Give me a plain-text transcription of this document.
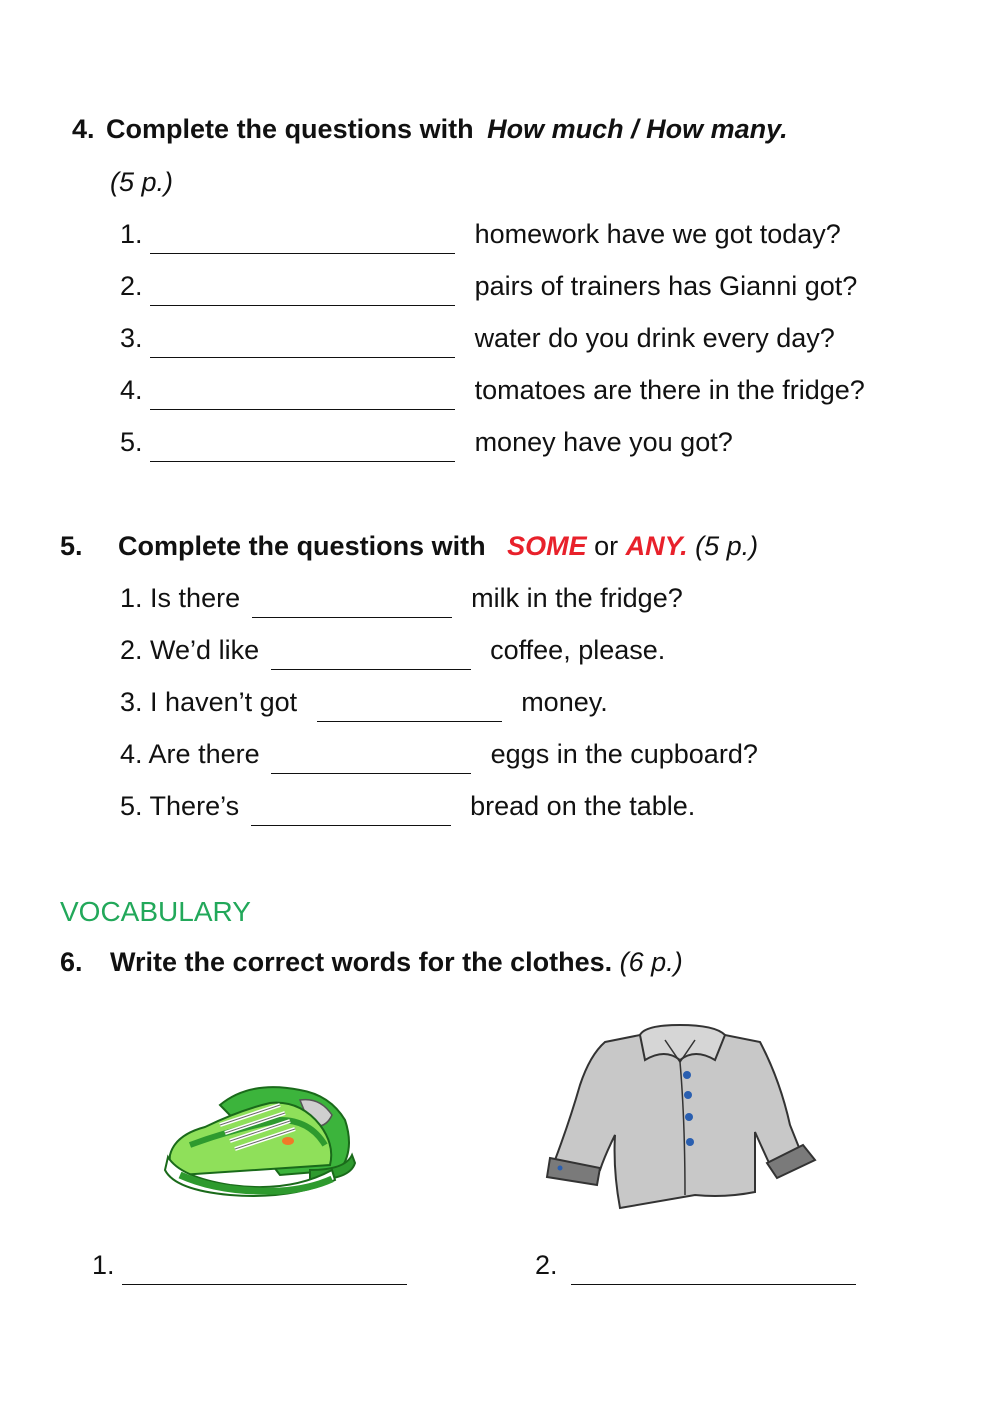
4. Complete the questions with How much / How many.
(5 p.)
1.	homework have we got today?
2.	pairs of trainers has Gianni got?
3.	water do you drink every day?
4.	tomatoes are there in the fridge?
5.	money have you got?
5. Complete the questions with SOME or ANY. (5 p.)
1. Is there	milk in the fridge?
2. We’d like	coffee, please.
3. I haven’t got	money.
4. Are there	eggs in the cupboard?
5. There’s	bread on the table.
VOCABULARY
6. Write the correct words for the clothes. (6 p.)
1.	2.
